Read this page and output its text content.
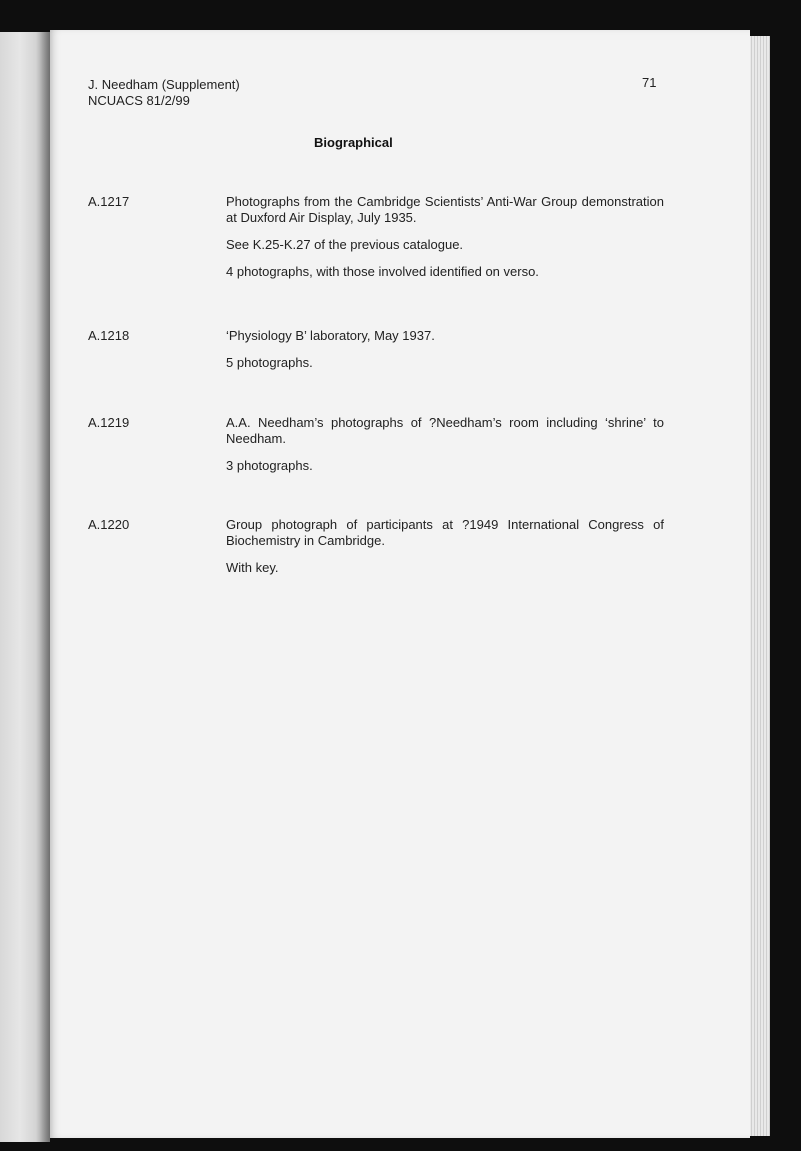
J. Needham (Supplement)
NCUACS 81/2/99
71
Biographical
A.1217	Photographs from the Cambridge Scientists’ Anti-War Group demonstration at Duxford Air Display, July 1935.

See K.25-K.27 of the previous catalogue.

4 photographs, with those involved identified on verso.

A.1218	‘Physiology B’ laboratory, May 1937.

5 photographs.

A.1219	A.A. Needham’s photographs of ?Needham’s room including ‘shrine’ to Needham.

3 photographs.

A.1220	Group photograph of participants at ?1949 International Congress of Biochemistry in Cambridge.

With key.
